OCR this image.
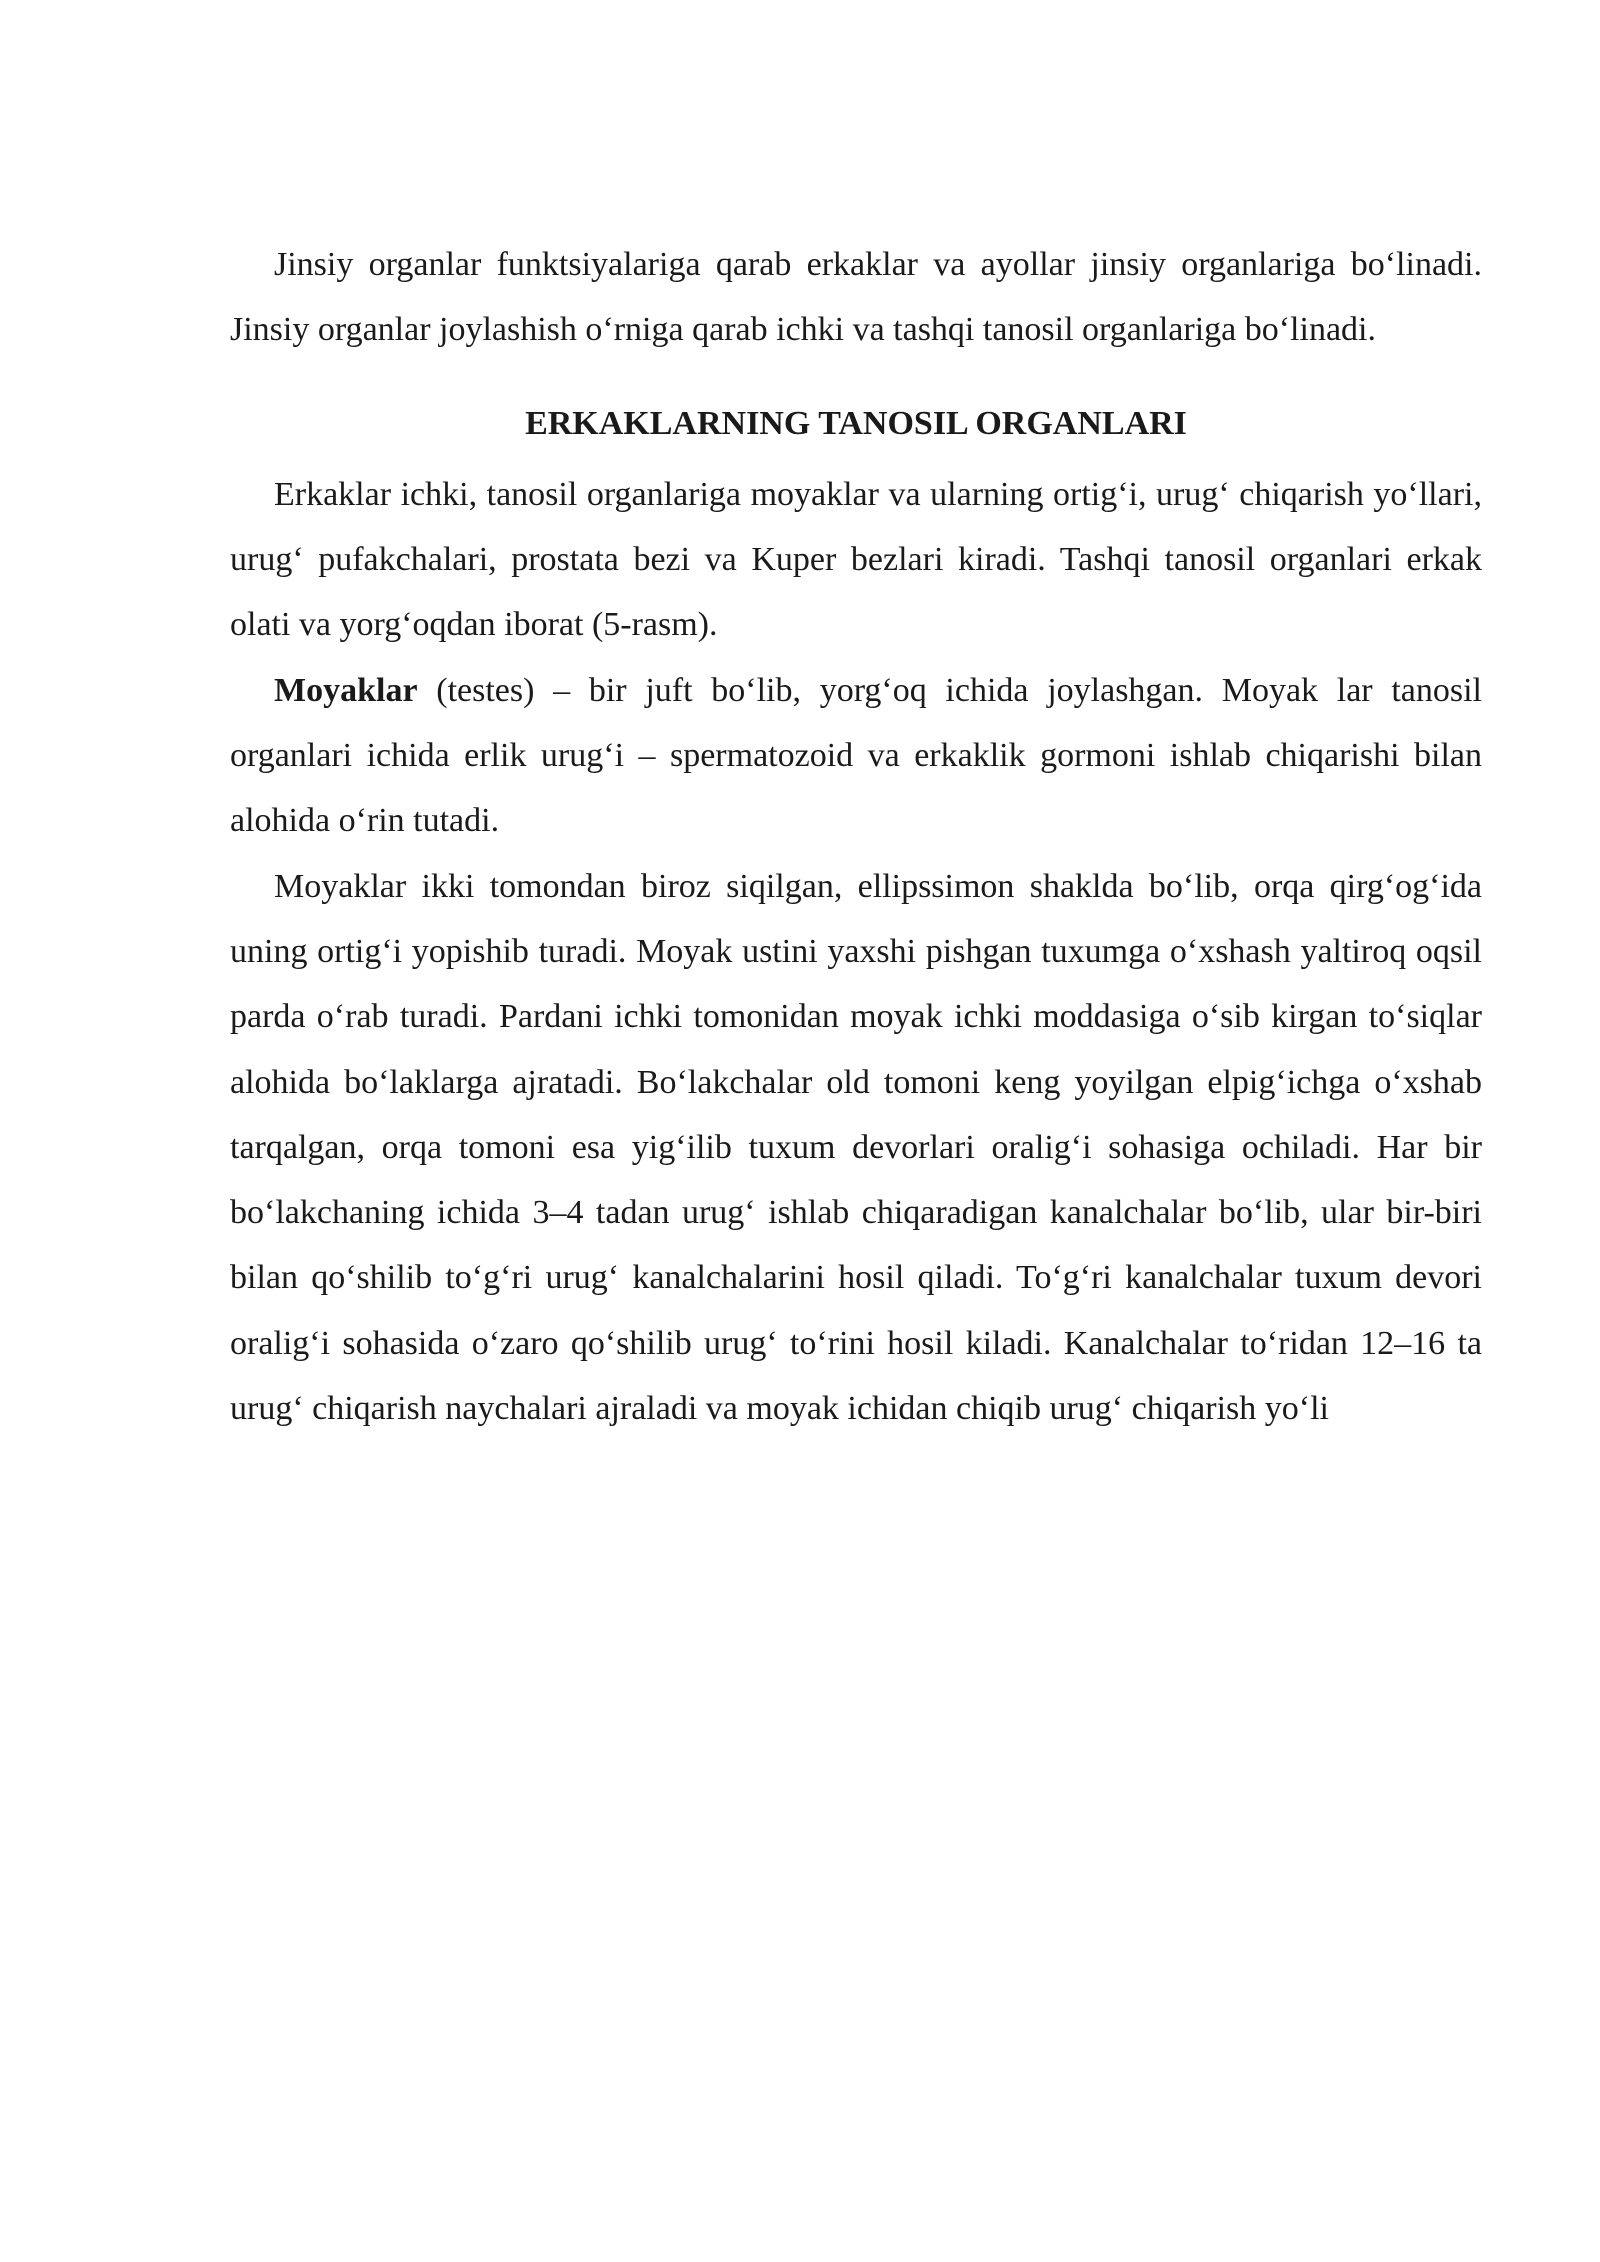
Jinsiy organlar funktsiyalariga qarab erkaklar va ayollar jinsiy organlariga bo‘linadi. Jinsiy organlar joylashish o‘rniga qarab ichki va tashqi tanosil organlariga bo‘linadi.

ERKAKLARNING TANOSIL ORGANLARI

Erkaklar ichki, tanosil organlariga moyaklar va ularning ortig‘i, urug‘ chiqarish yo‘llari, urug‘ pufakchalari, prostata bezi va Kuper bezlari kiradi. Tashqi tanosil organlari erkak olati va yorg‘oqdan iborat (5-rasm).

Moyaklar (testes) – bir juft bo‘lib, yorg‘oq ichida joylashgan. Moyak lar tanosil organlari ichida erlik urug‘i – spermatozoid va erkaklik gormoni ishlab chiqarishi bilan alohida o‘rin tutadi.

Moyaklar ikki tomondan biroz siqilgan, ellipssimon shaklda bo‘lib, orqa qirg‘og‘ida uning ortig‘i yopishib turadi. Moyak ustini yaxshi pishgan tuxumga o‘xshash yaltiroq oqsil parda o‘rab turadi. Pardani ichki tomonidan moyak ichki moddasiga o‘sib kirgan to‘siqlar alohida bo‘laklarga ajratadi. Bo‘lakchalar old tomoni keng yoyilgan elpig‘ichga o‘xshab tarqalgan, orqa tomoni esa yig‘ilib tuxum devorlari oralig‘i sohasiga ochiladi. Har bir bo‘lakchaning ichida 3–4 tadan urug‘ ishlab chiqaradigan kanalchalar bo‘lib, ular bir-biri bilan qo‘shilib to‘g‘ri urug‘ kanalchalarini hosil qiladi. To‘g‘ri kanalchalar tuxum devori oralig‘i sohasida o‘zaro qo‘shilib urug‘ to‘rini hosil kiladi. Kanalchalar to‘ridan 12–16 ta urug‘ chiqarish naychalari ajraladi va moyak ichidan chiqib urug‘ chiqarish yo‘li
